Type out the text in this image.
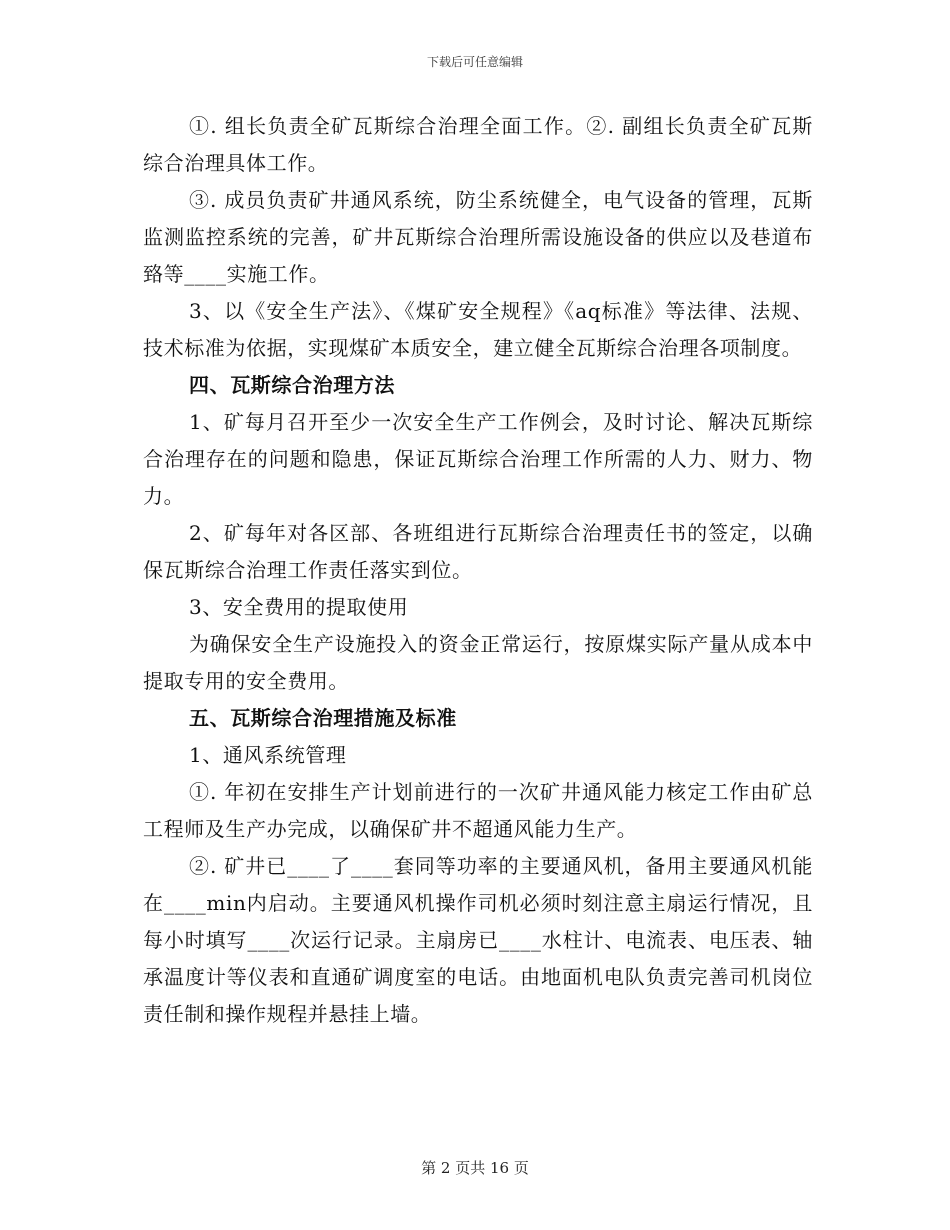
下载后可任意编辑

①. 组长负责全矿瓦斯综合治理全面工作。②. 副组长负责全矿瓦斯综合治理具体工作。

③. 成员负责矿井通风系统，防尘系统健全，电气设备的管理，瓦斯监测监控系统的完善，矿井瓦斯综合治理所需设施设备的供应以及巷道布臵等____实施工作。

3、以《安全生产法》、《煤矿安全规程》《aq标准》等法律、法规、技术标准为依据，实现煤矿本质安全，建立健全瓦斯综合治理各项制度。

四、瓦斯综合治理方法

1、矿每月召开至少一次安全生产工作例会，及时讨论、解决瓦斯综合治理存在的问题和隐患，保证瓦斯综合治理工作所需的人力、财力、物力。

2、矿每年对各区部、各班组进行瓦斯综合治理责任书的签定，以确保瓦斯综合治理工作责任落实到位。

3、安全费用的提取使用

为确保安全生产设施投入的资金正常运行，按原煤实际产量从成本中提取专用的安全费用。

五、瓦斯综合治理措施及标准

1、通风系统管理

①. 年初在安排生产计划前进行的一次矿井通风能力核定工作由矿总工程师及生产办完成，以确保矿井不超通风能力生产。

②. 矿井已____了____套同等功率的主要通风机，备用主要通风机能在____min内启动。主要通风机操作司机必须时刻注意主扇运行情况，且每小时填写____次运行记录。主扇房已____水柱计、电流表、电压表、轴承温度计等仪表和直通矿调度室的电话。由地面机电队负责完善司机岗位责任制和操作规程并悬挂上墙。

第 2 页共 16 页
